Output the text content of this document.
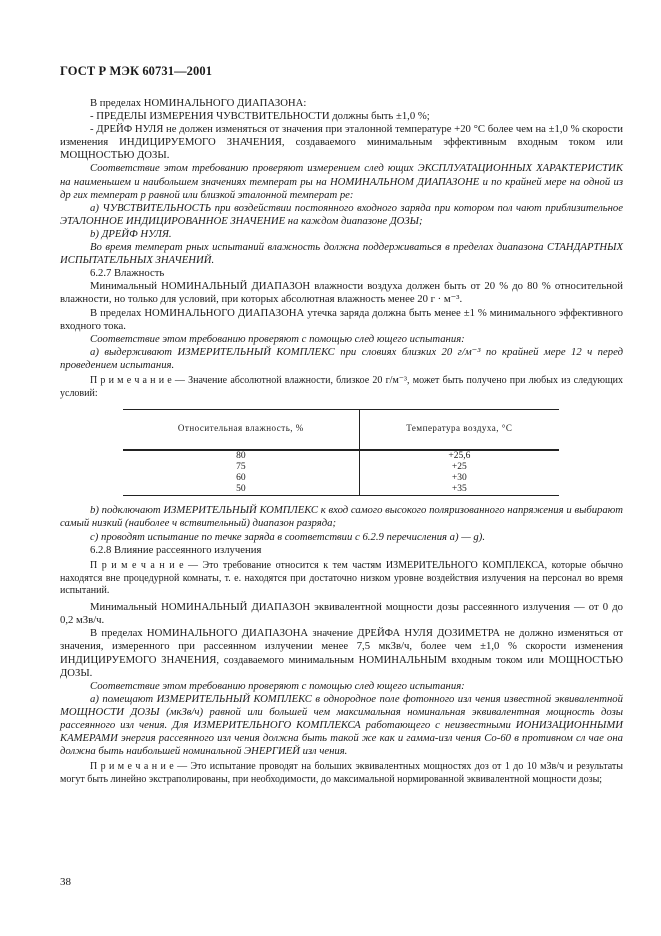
ГОСТ Р МЭК 60731—2001

В пределах НОМИНАЛЬНОГО ДИАПАЗОНА:

- ПРЕДЕЛЫ ИЗМЕРЕНИЯ ЧУВСТВИТЕЛЬНОСТИ должны быть ±1,0 %;

- ДРЕЙФ НУЛЯ не должен изменяться от значения при эталонной температуре +20 °С более чем на ±1,0 % скорости изменения ИНДИЦИРУЕМОГО ЗНАЧЕНИЯ, создаваемого минимальным эффективным входным током или МОЩНОСТЬЮ ДОЗЫ.

Соответствие этом требованию проверяют измерением след ющих ЭКСПЛУАТАЦИОННЫХ ХАРАКТЕРИСТИК на наименьшем и наибольшем значениях температ ры на НОМИНАЛЬНОМ ДИАПАЗОНЕ и по крайней мере на одной из др гих температ р равной или близкой эталонной температ ре:

а) ЧУВСТВИТЕЛЬНОСТЬ при воздействии постоянного входного заряда при котором пол чают приблизительное ЭТАЛОННОЕ ИНДИЦИРОВАННОЕ ЗНАЧЕНИЕ на каждом диапазоне ДОЗЫ;

b) ДРЕЙФ НУЛЯ.

Во время температ рных испытаний влажность должна поддерживаться в пределах диапазона СТАНДАРТНЫХ ИСПЫТАТЕЛЬНЫХ ЗНАЧЕНИЙ.

6.2.7 Влажность

Минимальный НОМИНАЛЬНЫЙ ДИАПАЗОН влажности воздуха должен быть от 20 % до 80 % относительной влажности, но только для условий, при которых абсолютная влажность менее 20 г · м⁻³.

В пределах НОМИНАЛЬНОГО ДИАПАЗОНА утечка заряда должна быть менее ±1 % минимального эффективного входного тока.

Соответствие этом требованию проверяют с помощью след ющего испытания:

а) выдерживают ИЗМЕРИТЕЛЬНЫЙ КОМПЛЕКС при словиях близких 20 г/м⁻³ по крайней мере 12 ч перед проведением испытания.

П р и м е ч а н и е — Значение абсолютной влажности, близкое 20 г/м⁻³, может быть получено при любых из следующих условий:

Относительная влажность, %	Температура воздуха, °С
80	+25,6
75	+25
60	+30
50	+35

b) подключают ИЗМЕРИТЕЛЬНЫЙ КОМПЛЕКС к вход самого высокого поляризованного напряжения и выбирают самый низкий (наиболее ч вствительный) диапазон разряда;

с) проводят испытание по течке заряда в соответствии с 6.2.9 перечисления а) — g).

6.2.8 Влияние рассеянного излучения

П р и м е ч а н и е — Это требование относится к тем частям ИЗМЕРИТЕЛЬНОГО КОМПЛЕКСА, которые обычно находятся вне процедурной комнаты, т. е. находятся при достаточно низком уровне воздействия излучения на персонал во время испытаний.

Минимальный НОМИНАЛЬНЫЙ ДИАПАЗОН эквивалентной мощности дозы рассеянного излучения — от 0 до 0,2 мЗв/ч.

В пределах НОМИНАЛЬНОГО ДИАПАЗОНА значение ДРЕЙФА НУЛЯ ДОЗИМЕТРА не должно изменяться от значения, измеренного при рассеянном излучении менее 7,5 мкЗв/ч, более чем ±1,0 % скорости изменения ИНДИЦИРУЕМОГО ЗНАЧЕНИЯ, создаваемого минимальным НОМИНАЛЬНЫМ входным током или МОЩНОСТЬЮ ДОЗЫ.

Соответствие этом требованию проверяют с помощью след ющего испытания:

а) помещают ИЗМЕРИТЕЛЬНЫЙ КОМПЛЕКС в однородное поле фотонного изл чения известной эквивалентной МОЩНОСТИ ДОЗЫ (мкЗв/ч) равной или большей чем максимальная номинальная эквивалентная мощность дозы рассеянного изл чения. Для ИЗМЕРИТЕЛЬНОГО КОМПЛЕКСА работающего с неизвестными ИОНИЗАЦИОННЫМИ КАМЕРАМИ энергия рассеянного изл чения должна быть такой же как и гамма-изл чения Со-60 в противном сл чае она должна быть наибольшей номинальной ЭНЕРГИЕЙ изл чения.

П р и м е ч а н и е — Это испытание проводят на больших эквивалентных мощностях доз от 1 до 10 мЗв/ч и результаты могут быть линейно экстраполированы, при необходимости, до максимальной нормированной эквивалентной мощности дозы;

38
